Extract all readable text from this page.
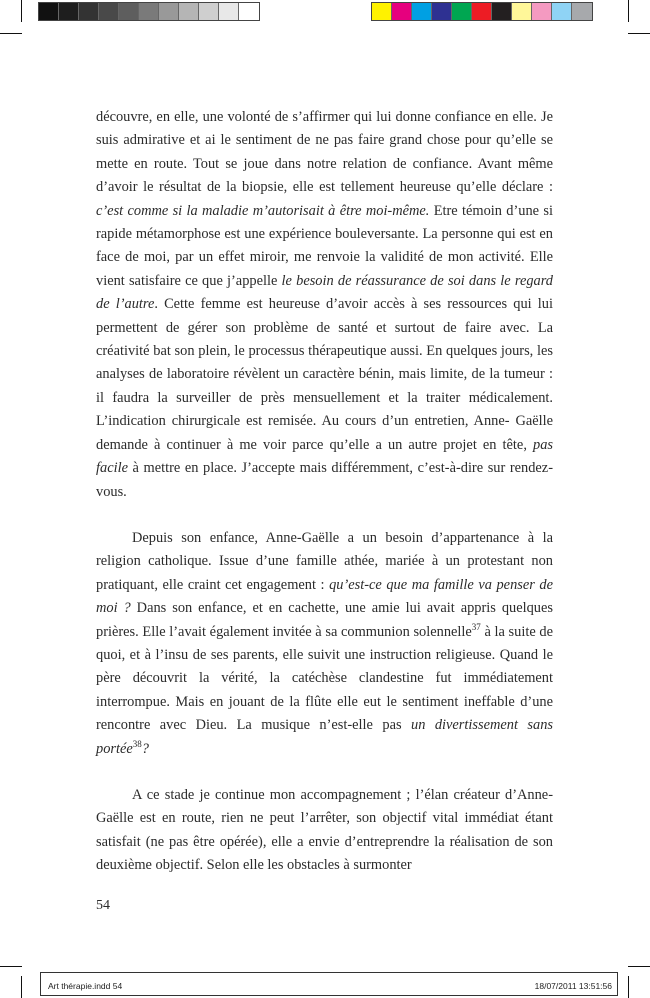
découvre, en elle, une volonté de s’affirmer qui lui donne confiance en elle. Je suis admirative et ai le sentiment de ne pas faire grand chose pour qu’elle se mette en route. Tout se joue dans notre relation de confiance. Avant même d’avoir le résultat de la biopsie, elle est tellement heureuse qu’elle déclare : c’est comme si la maladie m’autorisait à être moi-même. Etre témoin d’une si rapide métamorphose est une expérience bouleversante. La personne qui est en face de moi, par un effet miroir, me renvoie la validité de mon activité. Elle vient satisfaire ce que j’appelle le besoin de réassurance de soi dans le regard de l’autre. Cette femme est heureuse d’avoir accès à ses ressources qui lui permettent de gérer son problème de santé et surtout de faire avec. La créativité bat son plein, le processus thérapeutique aussi. En quelques jours, les analyses de laboratoire révèlent un caractère bénin, mais limite, de la tumeur : il faudra la surveiller de près mensuellement et la traiter médicalement. L’indication chirurgicale est remisée. Au cours d’un entretien, Anne- Gaëlle demande à continuer à me voir parce qu’elle a un autre projet en tête, pas facile à mettre en place. J’accepte mais différemment, c’est-à-dire sur rendez-vous.

Depuis son enfance, Anne-Gaëlle a un besoin d’appartenance à la religion catholique. Issue d’une famille athée, mariée à un protestant non pratiquant, elle craint cet engagement : qu’est-ce que ma famille va penser de moi ? Dans son enfance, et en cachette, une amie lui avait appris quelques prières. Elle l’avait également invitée à sa communion solennelle$^{37}$ à la suite de quoi, et à l’insu de ses parents, elle suivit une instruction religieuse. Quand le père découvrit la vérité, la catéchèse clandestine fut immédiatement interrompue. Mais en jouant de la flûte elle eut le sentiment ineffable d’une rencontre avec Dieu. La musique n’est-elle pas un divertissement sans portée$^{38}$?

A ce stade je continue mon accompagnement ; l’élan créateur d’Anne-Gaëlle est en route, rien ne peut l’arrêter, son objectif vital immédiat étant satisfait (ne pas être opérée), elle a envie d’entreprendre la réalisation de son deuxième objectif. Selon elle les obstacles à surmonter

54
Art thérapie.indd 54	18/07/2011 13:51:56
